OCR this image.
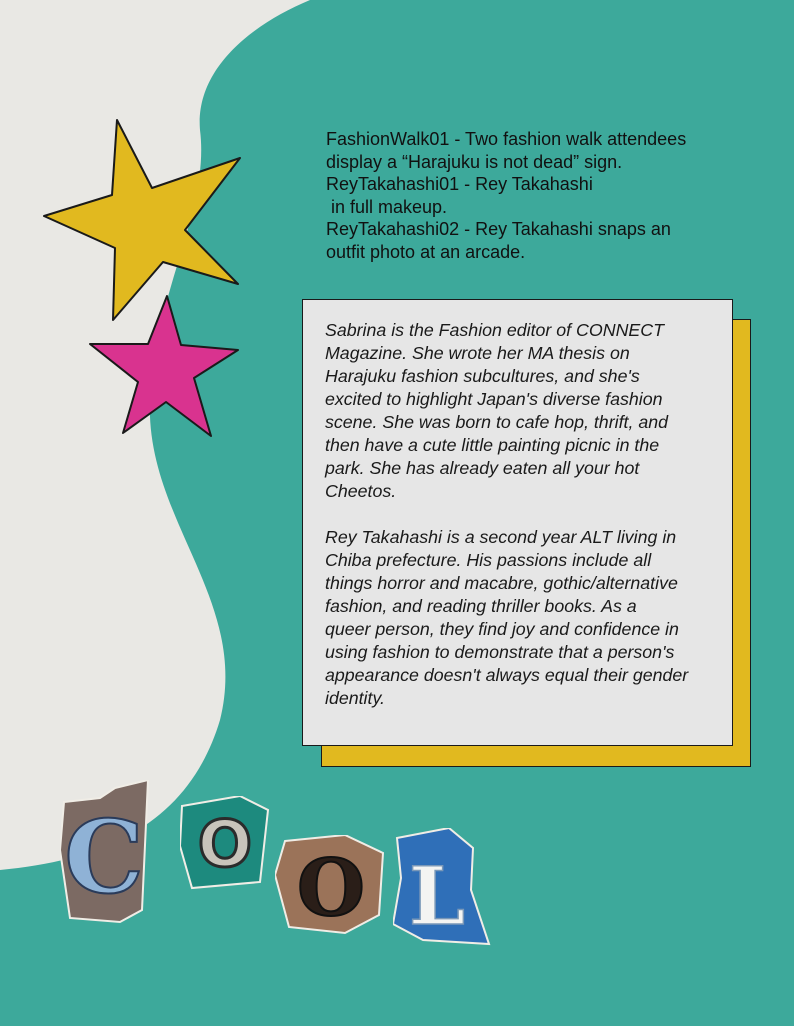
FashionWalk01 - Two fashion walk attendees
display a “Harajuku is not dead” sign.
ReyTakahashi01 - Rey Takahashi
in full makeup.
ReyTakahashi02 - Rey Takahashi snaps an
outfit photo at an arcade.

Sabrina is the Fashion editor of CONNECT
Magazine. She wrote her MA thesis on
Harajuku fashion subcultures, and she's
excited to highlight Japan's diverse fashion
scene. She was born to cafe hop, thrift, and
then have a cute little painting picnic in the
park. She has already eaten all your hot
Cheetos.

Rey Takahashi is a second year ALT living in
Chiba prefecture. His passions include all
things horror and macabre, gothic/alternative
fashion, and reading thriller books. As a
queer person, they find joy and confidence in
using fashion to demonstrate that a person's
appearance doesn't always equal their gender
identity.

C O O L
